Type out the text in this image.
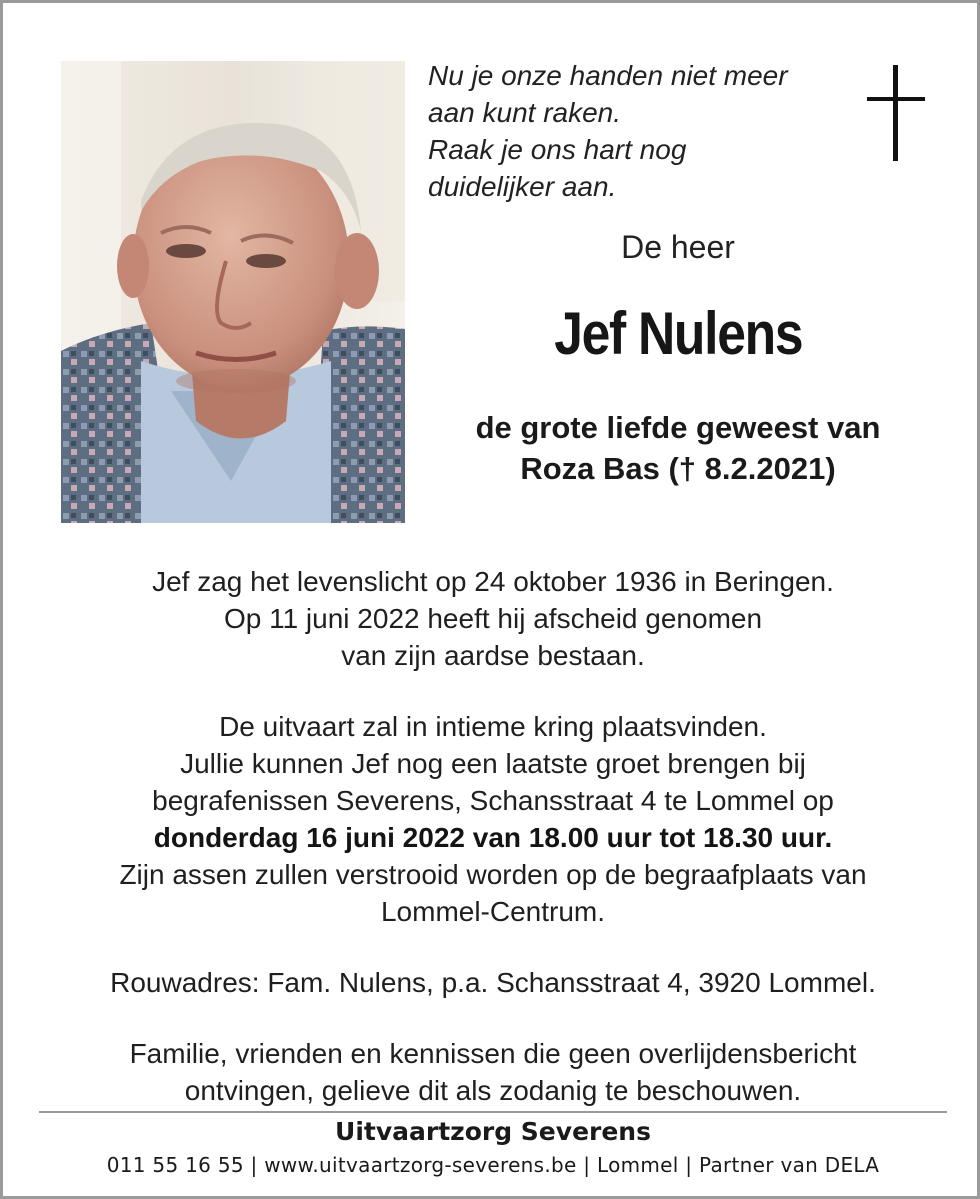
Nu je onze handen niet meer
aan kunt raken.
Raak je ons hart nog
duidelijker aan.
De heer
Jef Nulens
de grote liefde geweest van
Roza Bas († 8.2.2021)

Jef zag het levenslicht op 24 oktober 1936 in Beringen.
Op 11 juni 2022 heeft hij afscheid genomen
van zijn aardse bestaan.

De uitvaart zal in intieme kring plaatsvinden.
Jullie kunnen Jef nog een laatste groet brengen bij
begrafenissen Severens, Schansstraat 4 te Lommel op
donderdag 16 juni 2022 van 18.00 uur tot 18.30 uur.
Zijn assen zullen verstrooid worden op de begraafplaats van
Lommel-Centrum.

Rouwadres: Fam. Nulens, p.a. Schansstraat 4, 3920 Lommel.

Familie, vrienden en kennissen die geen overlijdensbericht
ontvingen, gelieve dit als zodanig te beschouwen.

Uitvaartzorg Severens
011 55 16 55 | www.uitvaartzorg-severens.be | Lommel | Partner van DELA
